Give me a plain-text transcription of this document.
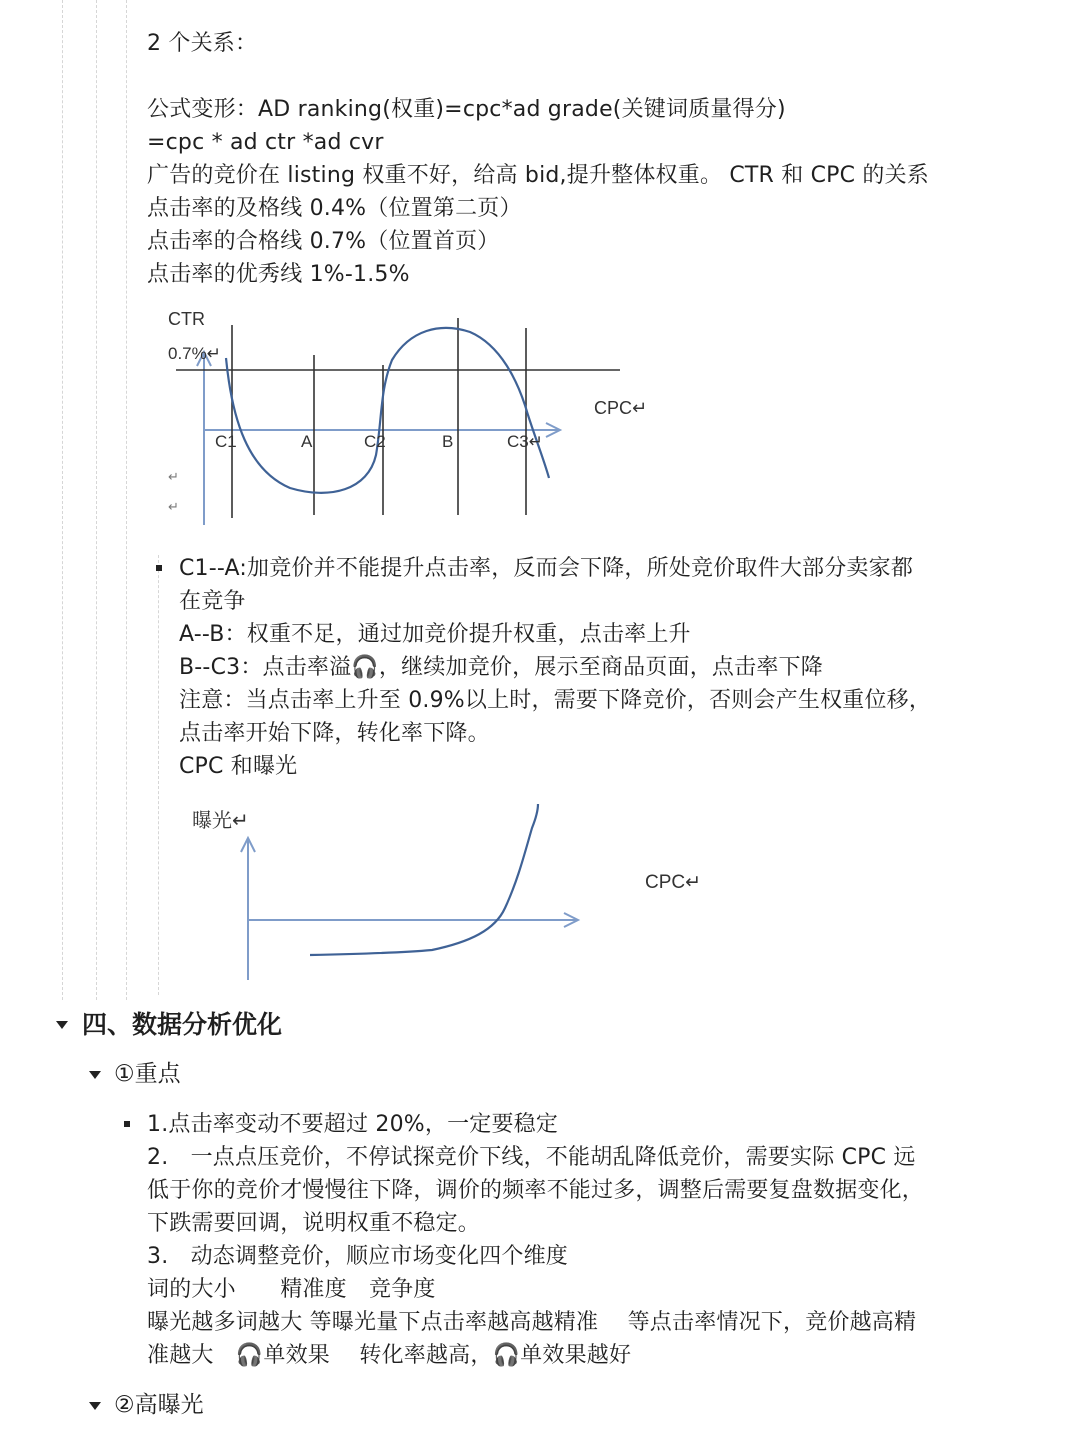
2 个关系：
公式变形：AD ranking(权重)=cpc*ad grade(关键词质量得分)
=cpc * ad ctr *ad cvr
广告的竞价在 listing 权重不好，给高 bid,提升整体权重。 CTR 和 CPC 的关系
点击率的及格线 0.4%（位置第二页）
点击率的合格线 0.7%（位置首页）
点击率的优秀线 1%-1.5%
CTR
0.7%↵
CPC↵
C1	A	C2	B	C3↵
↵
↵
C1--A:加竞价并不能提升点击率，反而会下降，所处竞价取件大部分卖家都
在竞争
A--B：权重不足，通过加竞价提升权重，点击率上升
B--C3：点击率溢🎧，继续加竞价，展示至商品页面，点击率下降
注意：当点击率上升至 0.9%以上时，需要下降竞价，否则会产生权重位移，
点击率开始下降，转化率下降。
CPC 和曝光
曝光↵
CPC↵
四、数据分析优化
①重点
1.点击率变动不要超过 20%，一定要稳定
2.　一点点压竞价，不停试探竞价下线，不能胡乱降低竞价，需要实际 CPC 远
低于你的竞价才慢慢往下降，调价的频率不能过多，调整后需要复盘数据变化，
下跌需要回调，说明权重不稳定。
3.　动态调整竞价，顺应市场变化四个维度
词的大小　　精准度　竞争度
曝光越多词越大 等曝光量下点击率越高越精准　 等点击率情况下，竞价越高精
准越大　🎧单效果　 转化率越高，🎧单效果越好
②高曝光
